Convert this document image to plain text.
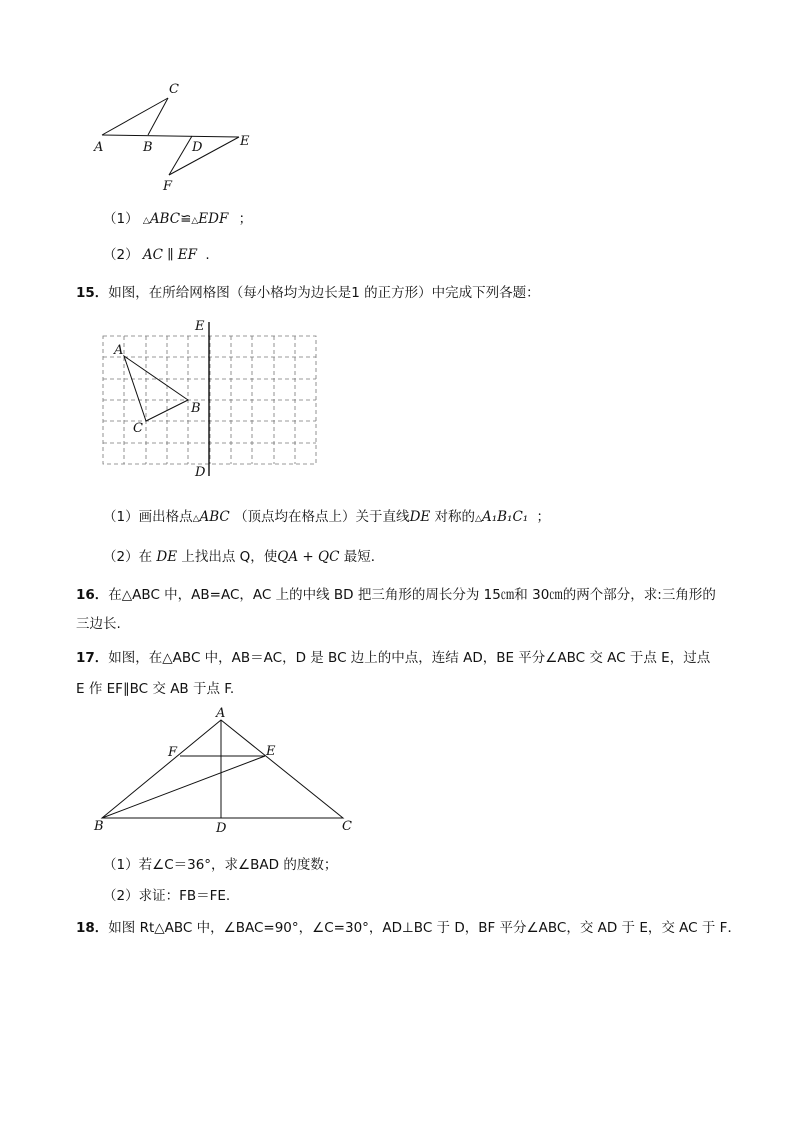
C
A	B	D	E
F
（1） △ABC≌△EDF ；
（2） AC ∥ EF .
15．如图，在所给网格图（每小格均为边长是1 的正方形）中完成下列各题：
E
D
A
B
C
（1）画出格点△ABC （顶点均在格点上）关于直线DE 对称的△A₁B₁C₁ ；
（2）在 DE 上找出点 Q，使QA + QC 最短．
16．在△ABC 中，AB=AC，AC 上的中线 BD 把三角形的周长分为 15㎝和 30㎝的两个部分，求:三角形的
三边长.
17．如图，在△ABC 中，AB＝AC，D 是 BC 边上的中点，连结 AD，BE 平分∠ABC 交 AC 于点 E，过点
E 作 EF∥BC 交 AB 于点 F.
A
F	E
B	D	C
（1）若∠C＝36°，求∠BAD 的度数；
（2）求证：FB＝FE.
18．如图 Rt△ABC 中，∠BAC=90°，∠C=30°，AD⊥BC 于 D，BF 平分∠ABC，交 AD 于 E，交 AC 于 F．
